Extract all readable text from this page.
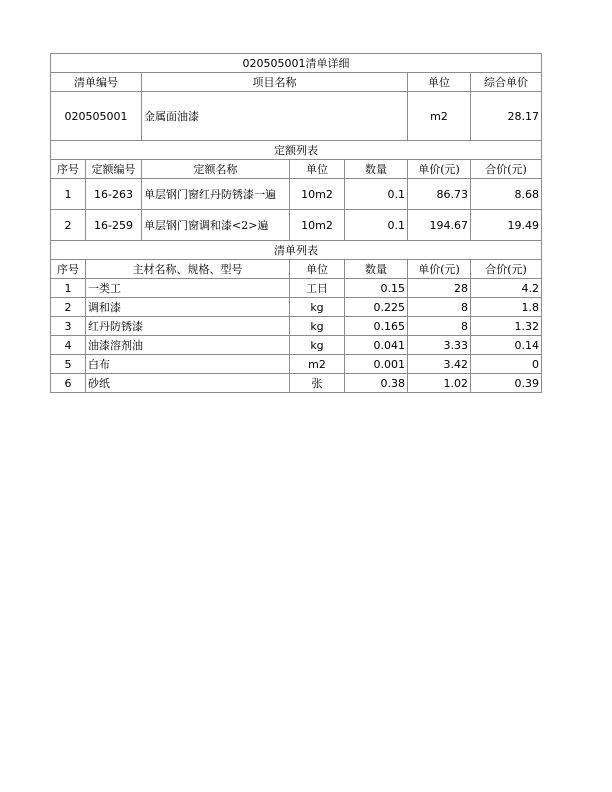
020505001清单详细						
清单编号		项目名称			单位	综合单价
020505001		金属面油漆			m2	28.17
定额列表						
序号	定额编号	定额名称	单位	数量	单价(元)	合价(元)
1	16-263	单层钢门窗红丹防锈漆一遍	10m2	0.1	86.73	8.68
2	16-259	单层钢门窗调和漆<2>遍	10m2	0.1	194.67	19.49
清单列表						
序号	主材名称、规格、型号		单位	数量	单价(元)	合价(元)
1	一类工		工日	0.15	28	4.2
2	调和漆		kg	0.225	8	1.8
3	红丹防锈漆		kg	0.165	8	1.32
4	油漆溶剂油		kg	0.041	3.33	0.14
5	白布		m2	0.001	3.42	0
6	砂纸		张	0.38	1.02	0.39
